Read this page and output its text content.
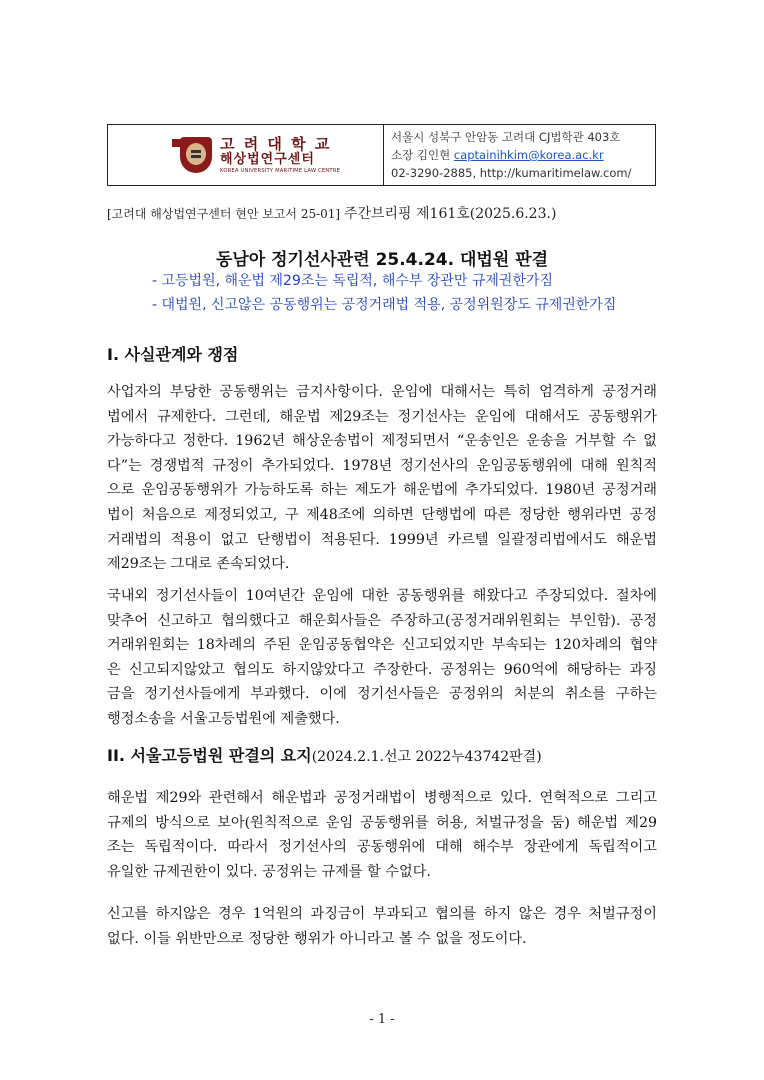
고 려 대 학 교
해상법연구센터
KOREA UNIVERSITY MARITIME LAW CENTRE
서울시 성북구 안암동 고려대 CJ법학관 403호
소장 김인현 captainihkim@korea.ac.kr
02-3290-2885, http://kumaritimelaw.com/
[고려대 해상법연구센터 현안 보고서 25-01] 주간브리핑 제161호(2025.6.23.)
동남아 정기선사관련 25.4.24. 대법원 판결
- 고등법원, 해운법 제29조는 독립적, 해수부 장관만 규제권한가짐
- 대법원, 신고않은 공동행위는 공정거래법 적용, 공정위원장도 규제권한가짐
I. 사실관계와 쟁점
사업자의 부당한 공동행위는 금지사항이다. 운임에 대해서는 특히 엄격하게 공정거래
법에서 규제한다. 그런데, 해운법 제29조는 정기선사는 운임에 대해서도 공동행위가
가능하다고 정한다. 1962년 해상운송법이 제정되면서 “운송인은 운송을 거부할 수 없
다”는 경쟁법적 규정이 추가되었다. 1978년 정기선사의 운임공동행위에 대해 원칙적
으로 운임공동행위가 가능하도록 하는 제도가 해운법에 추가되었다. 1980년 공정거래
법이 처음으로 제정되었고, 구 제48조에 의하면 단행법에 따른 정당한 행위라면 공정
거래법의 적용이 없고 단행법이 적용된다. 1999년 카르텔 일괄정리법에서도 해운법
제29조는 그대로 존속되었다.
국내외 정기선사들이 10여년간 운임에 대한 공동행위를 해왔다고 주장되었다. 절차에
맞추어 신고하고 협의했다고 해운회사들은 주장하고(공정거래위원회는 부인함). 공정
거래위원회는 18차례의 주된 운임공동협약은 신고되었지만 부속되는 120차례의 협약
은 신고되지않았고 협의도 하지않았다고 주장한다. 공정위는 960억에 해당하는 과징
금을 정기선사들에게 부과했다. 이에 정기선사들은 공정위의 처분의 취소를 구하는
행정소송을 서울고등법원에 제출했다.
II. 서울고등법원 판결의 요지(2024.2.1.선고 2022누43742판결)
해운법 제29와 관련해서 해운법과 공정거래법이 병행적으로 있다. 연혁적으로 그리고
규제의 방식으로 보아(원칙적으로 운임 공동행위를 허용, 처벌규정을 둠) 해운법 제29
조는 독립적이다. 따라서 정기선사의 공동행위에 대해 해수부 장관에게 독립적이고
유일한 규제권한이 있다. 공정위는 규제를 할 수없다.
신고를 하지않은 경우 1억원의 과징금이 부과되고 협의를 하지 않은 경우 처벌규정이
없다. 이들 위반만으로 정당한 행위가 아니라고 볼 수 없을 정도이다.
- 1 -
